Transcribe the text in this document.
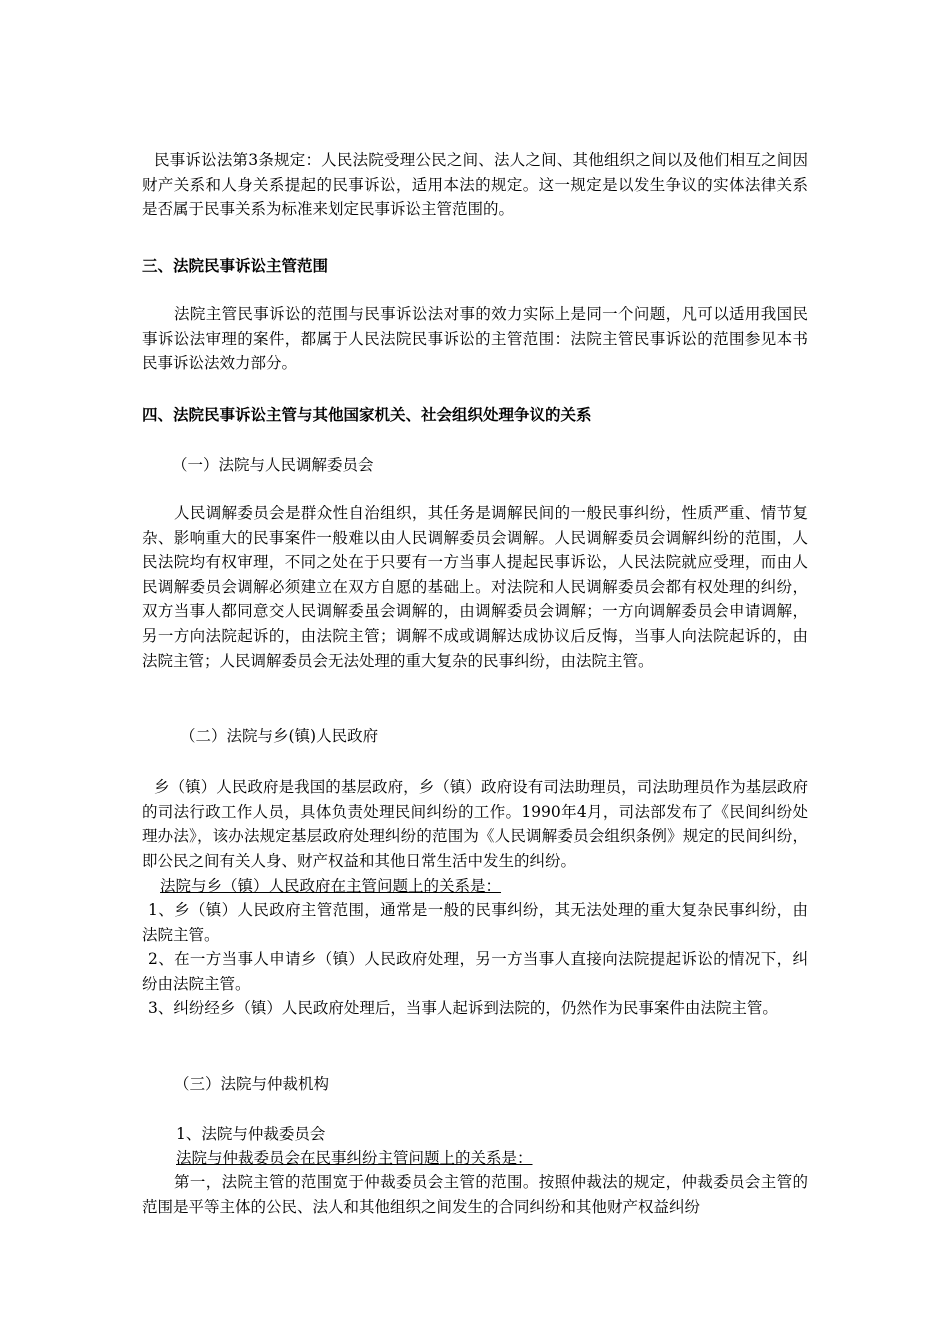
民事诉讼法第3条规定：人民法院受理公民之间、法人之间、其他组织之间以及他们相互之间因财产关系和人身关系提起的民事诉讼，适用本法的规定。这一规定是以发生争议的实体法律关系是否属于民事关系为标准来划定民事诉讼主管范围的。

三、法院民事诉讼主管范围

法院主管民事诉讼的范围与民事诉讼法对事的效力实际上是同一个问题，凡可以适用我国民事诉讼法审理的案件，都属于人民法院民事诉讼的主管范围：法院主管民事诉讼的范围参见本书民事诉讼法效力部分。

四、法院民事诉讼主管与其他国家机关、社会组织处理争议的关系

（一）法院与人民调解委员会

人民调解委员会是群众性自治组织，其任务是调解民间的一般民事纠纷，性质严重、情节复杂、影响重大的民事案件一般难以由人民调解委员会调解。人民调解委员会调解纠纷的范围，人民法院均有权审理，不同之处在于只要有一方当事人提起民事诉讼，人民法院就应受理，而由人民调解委员会调解必须建立在双方自愿的基础上。对法院和人民调解委员会都有权处理的纠纷，双方当事人都同意交人民调解委虽会调解的，由调解委员会调解；一方向调解委员会申请调解，另一方向法院起诉的，由法院主管；调解不成或调解达成协议后反悔，当事人向法院起诉的，由法院主管；人民调解委员会无法处理的重大复杂的民事纠纷，由法院主管。

（二）法院与乡(镇)人民政府

乡（镇）人民政府是我国的基层政府，乡（镇）政府设有司法助理员，司法助理员作为基层政府的司法行政工作人员，具体负责处理民间纠纷的工作。1990年4月，司法部发布了《民间纠纷处理办法》，该办法规定基层政府处理纠纷的范围为《人民调解委员会组织条例》规定的民间纠纷，即公民之间有关人身、财产权益和其他日常生活中发生的纠纷。

法院与乡（镇）人民政府在主管问题上的关系是：

1、乡（镇）人民政府主管范围，通常是一般的民事纠纷，其无法处理的重大复杂民事纠纷，由法院主管。

2、在一方当事人申请乡（镇）人民政府处理，另一方当事人直接向法院提起诉讼的情况下，纠纷由法院主管。

3、纠纷经乡（镇）人民政府处理后，当事人起诉到法院的，仍然作为民事案件由法院主管。

（三）法院与仲裁机构

1、法院与仲裁委员会

法院与仲裁委员会在民事纠纷主管问题上的关系是：

第一，法院主管的范围宽于仲裁委员会主管的范围。按照仲裁法的规定，仲裁委员会主管的范围是平等主体的公民、法人和其他组织之间发生的合同纠纷和其他财产权益纠纷
